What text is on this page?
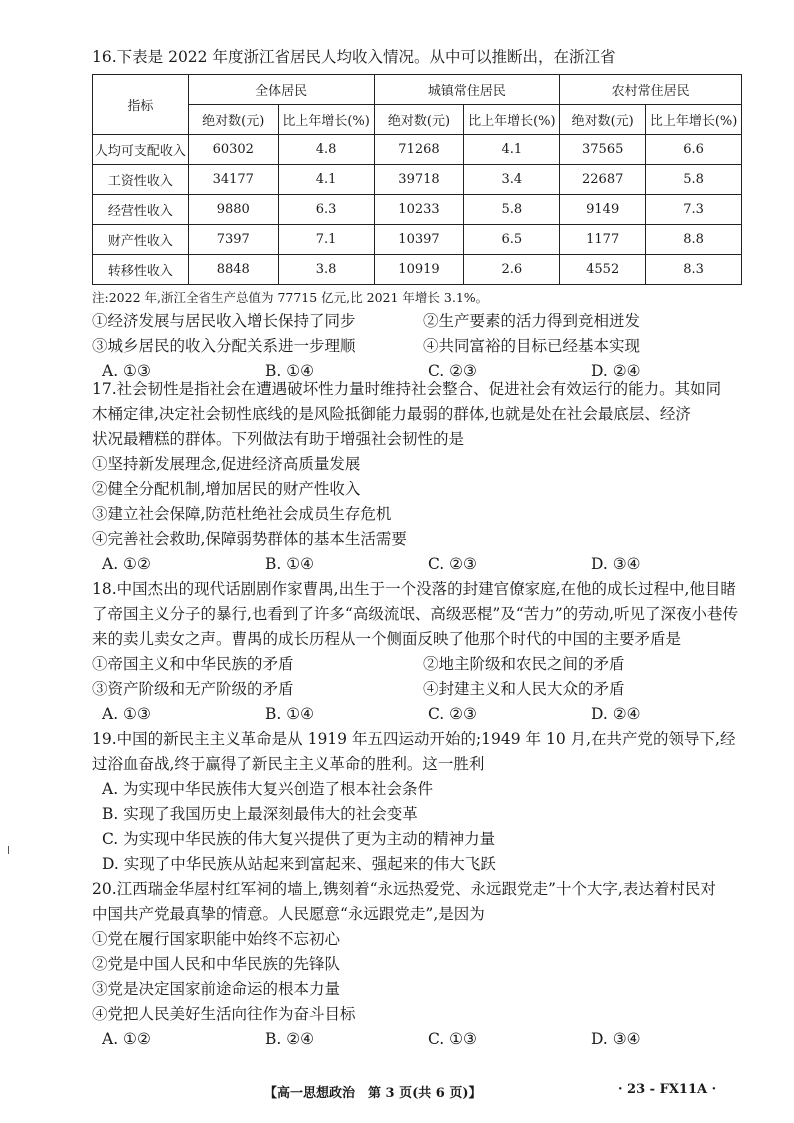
16.下表是 2022 年度浙江省居民人均收入情况。从中可以推断出，在浙江省

指标	全体居民		城镇常住居民		农村常住居民	
	绝对数(元)	比上年增长(%)	绝对数(元)	比上年增长(%)	绝对数(元)	比上年增长(%)
人均可支配收入	60302	4.8	71268	4.1	37565	6.6
工资性收入	34177	4.1	39718	3.4	22687	5.8
经营性收入	9880	6.3	10233	5.8	9149	7.3
财产性收入	7397	7.1	10397	6.5	1177	8.8
转移性收入	8848	3.8	10919	2.6	4552	8.3

注:2022 年,浙江全省生产总值为 77715 亿元,比 2021 年增长 3.1%。

①经济发展与居民收入增长保持了同步	②生产要素的活力得到竞相迸发
③城乡居民的收入分配关系进一步理顺	④共同富裕的目标已经基本实现
A. ①③	B. ①④	C. ②③	D. ②④

17.社会韧性是指社会在遭遇破坏性力量时维持社会整合、促进社会有效运行的能力。其如同

木桶定律,决定社会韧性底线的是风险抵御能力最弱的群体,也就是处在社会最底层、经济

状况最糟糕的群体。下列做法有助于增强社会韧性的是

①坚持新发展理念,促进经济高质量发展

②健全分配机制,增加居民的财产性收入

③建立社会保障,防范杜绝社会成员生存危机

④完善社会救助,保障弱势群体的基本生活需要

A. ①②	B. ①④	C. ②③	D. ③④

18.中国杰出的现代话剧剧作家曹禺,出生于一个没落的封建官僚家庭,在他的成长过程中,他目睹

了帝国主义分子的暴行,也看到了许多“高级流氓、高级恶棍”及“苦力”的劳动,听见了深夜小巷传

来的卖儿卖女之声。曹禺的成长历程从一个侧面反映了他那个时代的中国的主要矛盾是

①帝国主义和中华民族的矛盾	②地主阶级和农民之间的矛盾
③资产阶级和无产阶级的矛盾	④封建主义和人民大众的矛盾
A. ①③	B. ①④	C. ②③	D. ②④

19.中国的新民主主义革命是从 1919 年五四运动开始的;1949 年 10 月,在共产党的领导下,经

过浴血奋战,终于赢得了新民主主义革命的胜利。这一胜利

A. 为实现中华民族伟大复兴创造了根本社会条件

B. 实现了我国历史上最深刻最伟大的社会变革

C. 为实现中华民族的伟大复兴提供了更为主动的精神力量

D. 实现了中华民族从站起来到富起来、强起来的伟大飞跃

20.江西瑞金华屋村红军祠的墙上,镌刻着“永远热爱党、永远跟党走”十个大字,表达着村民对

中国共产党最真挚的情意。人民愿意“永远跟党走”,是因为

①党在履行国家职能中始终不忘初心

②党是中国人民和中华民族的先锋队

③党是决定国家前途命运的根本力量

④党把人民美好生活向往作为奋斗目标

A. ①②	B. ②④	C. ①③	D. ③④
【高一思想政治　第 3 页(共 6 页)】	· 23 - FX11A ·
